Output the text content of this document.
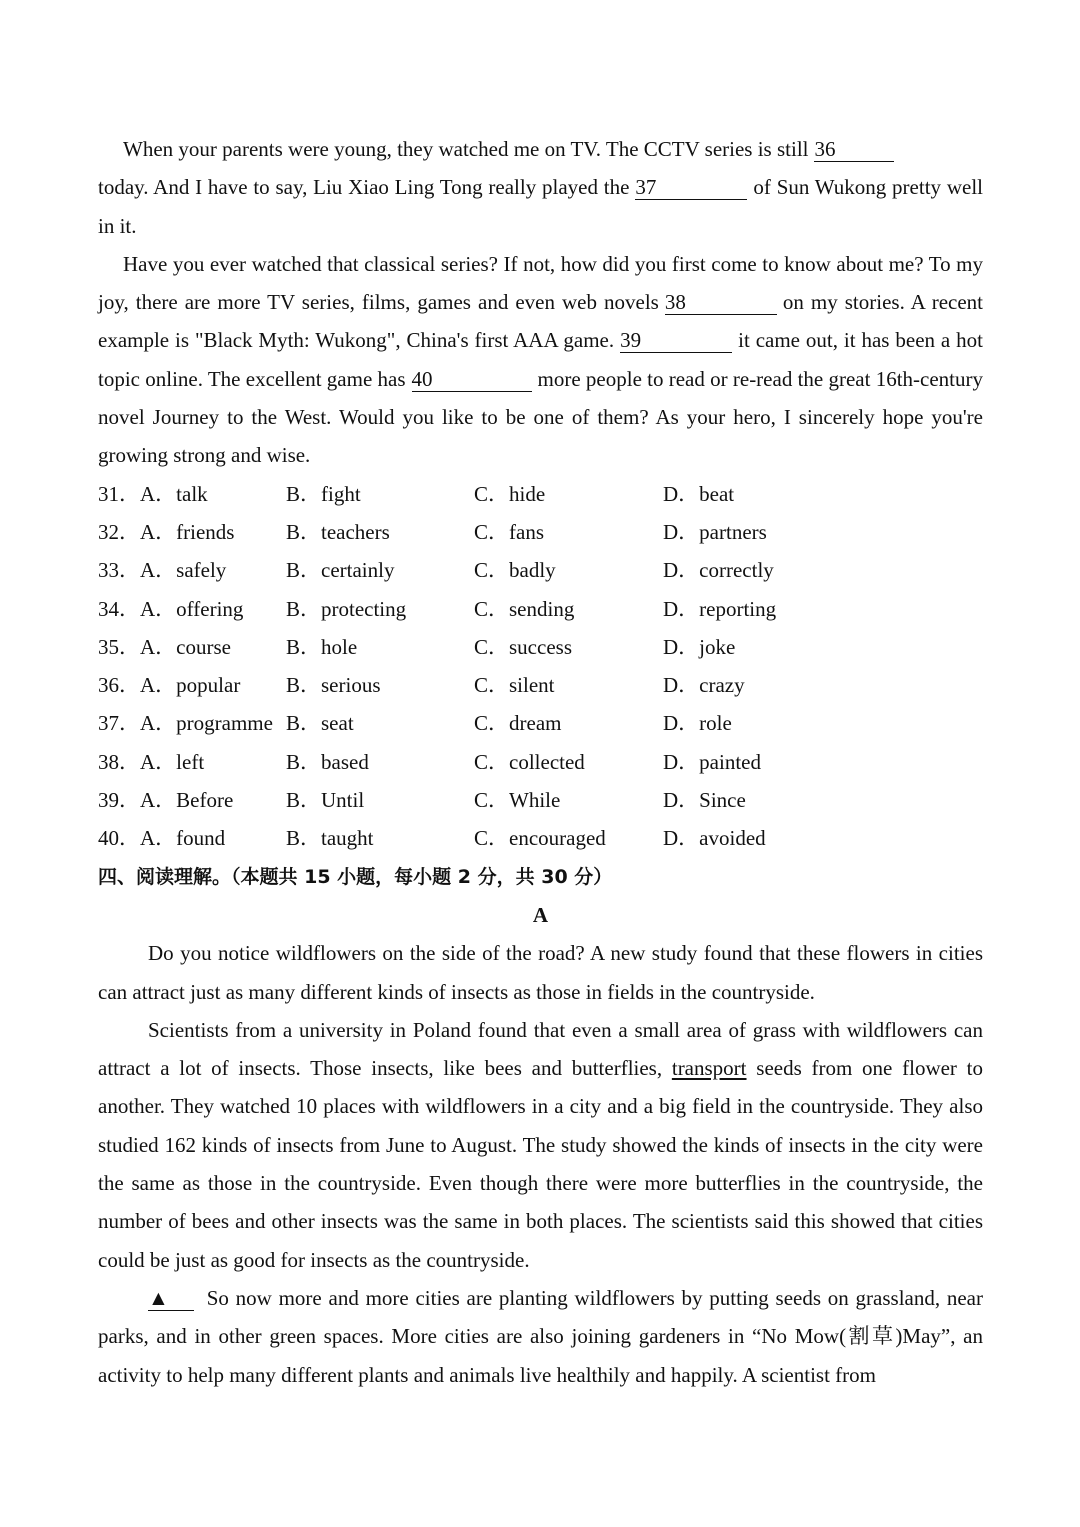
When your parents were young, they watched me on TV. The CCTV series is still 36
today. And I have to say, Liu Xiao Ling Tong really played the 37	of Sun Wukong pretty well in it.

Have you ever watched that classical series? If not, how did you first come to know about me? To my joy, there are more TV series, films, games and even web novels 38	on my stories. A recent example is "Black Myth: Wukong", China's first AAA game. 39	it came out, it has been a hot topic online. The excellent game has 40	more people to read or re-read the great 16th-century novel Journey to the West. Would you like to be one of them? As your hero, I sincerely hope you're growing strong and wise.

31． A．talk	B．fight	C．hide	D．beat
32． A．friends B．teachers	C．fans	D．partners
33． A．safely	B．certainly	C．badly	D．correctly
34． A．offering B．protecting	C．sending	D．reporting
35． A．course	B．hole	C．success	D．joke
36． A．popular B．serious	C．silent	D．crazy
37． A．programme B．seat	C．dream	D．role
38． A．left	B．based	C．collected	D．painted
39． A．Before	B．Until	C．While	D．Since
40． A．found	B．taught	C．encouraged	D．avoided

四、阅读理解。（本题共 15 小题，每小题 2 分，共 30 分）

A

Do you notice wildflowers on the side of the road? A new study found that these flowers in cities can attract just as many different kinds of insects as those in fields in the countryside.

Scientists from a university in Poland found that even a small area of grass with wildflowers can attract a lot of insects. Those insects, like bees and butterflies, transport seeds from one flower to another. They watched 10 places with wildflowers in a city and a big field in the countryside. They also studied 162 kinds of insects from June to August. The study showed the kinds of insects in the city were the same as those in the countryside. Even though there were more butterflies in the countryside, the number of bees and other insects was the same in both places. The scientists said this showed that cities could be just as good for insects as the countryside.

▲ So now more and more cities are planting wildflowers by putting seeds on grassland, near parks, and in other green spaces. More cities are also joining gardeners in “No Mow(割草)May”, an activity to help many different plants and animals live healthily and happily. A scientist from
